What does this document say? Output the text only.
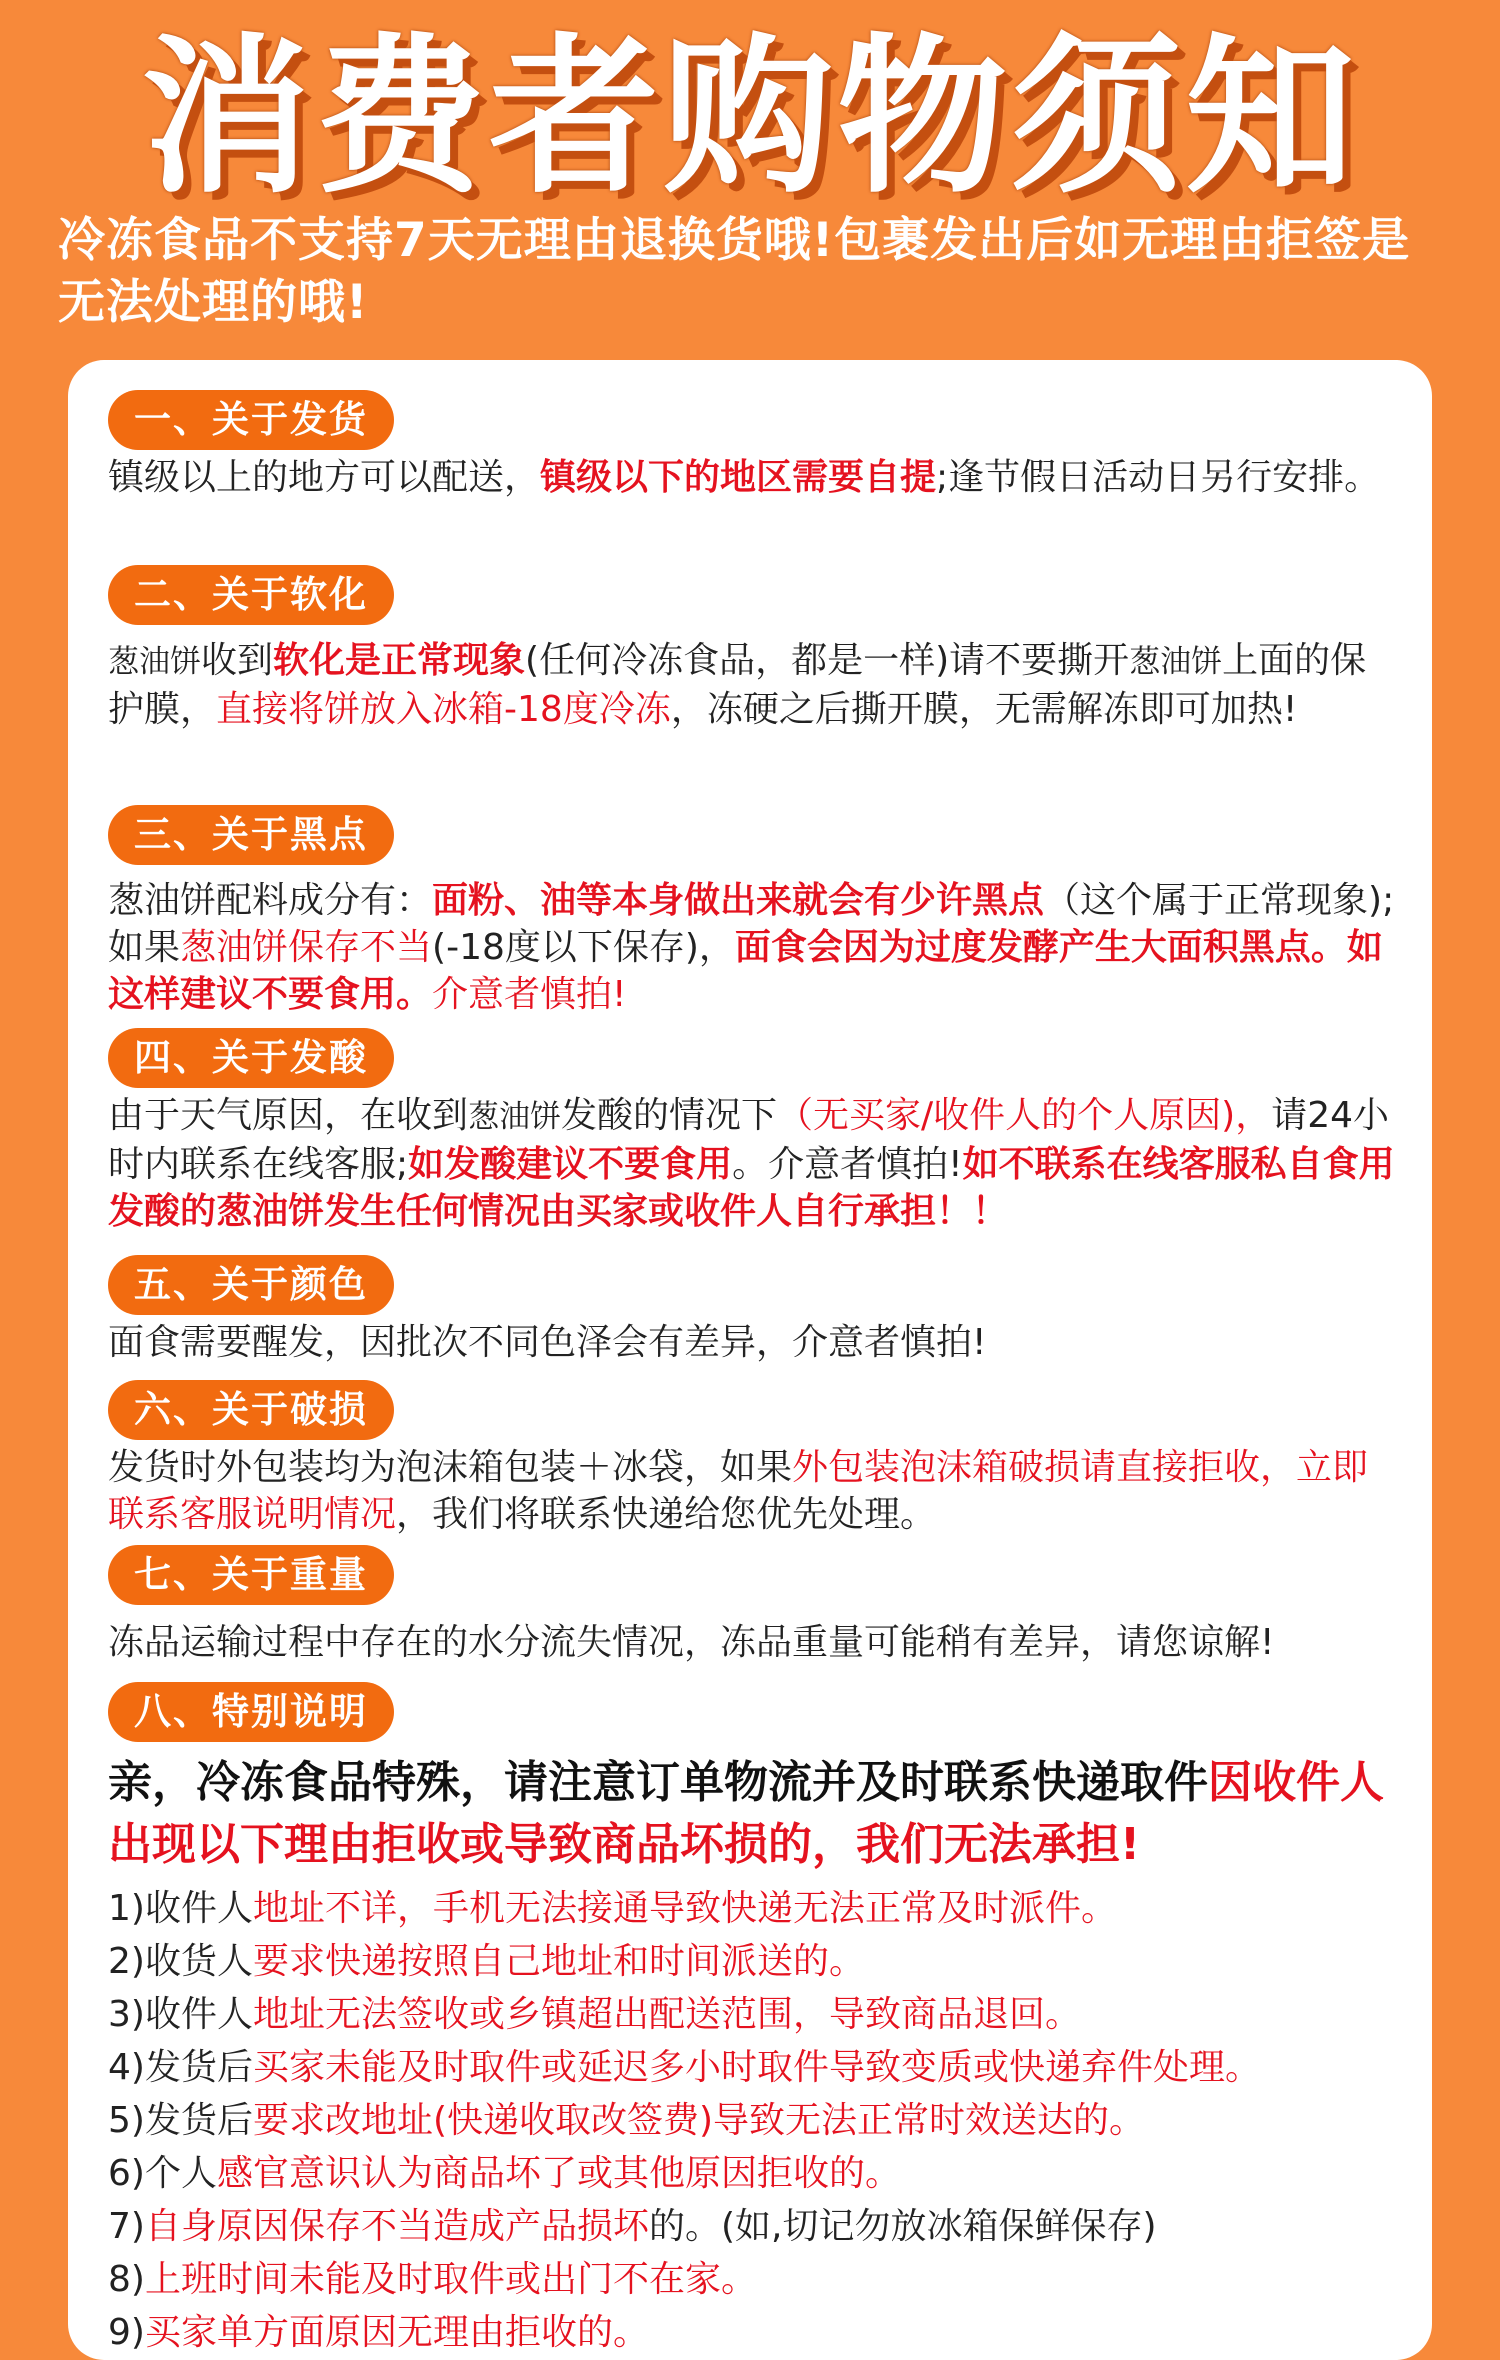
消费者购物须知
冷冻食品不支持7天无理由退换货哦!包裹发出后如无理由拒签是无法处理的哦!
一、关于发货
镇级以上的地方可以配送，镇级以下的地区需要自提;逢节假日活动日另行安排。
二、关于软化
葱油饼收到软化是正常现象(任何冷冻食品，都是一样)请不要撕开葱油饼上面的保护膜，直接将饼放入冰箱-18度冷冻，冻硬之后撕开膜，无需解冻即可加热!
三、关于黑点
葱油饼配料成分有：面粉、油等本身做出来就会有少许黑点（这个属于正常现象);如果葱油饼保存不当(-18度以下保存)，面食会因为过度发酵产生大面积黑点。如这样建议不要食用。介意者慎拍!
四、关于发酸
由于天气原因，在收到葱油饼发酸的情况下（无买家/收件人的个人原因)，请24小时内联系在线客服;如发酸建议不要食用。介意者慎拍!如不联系在线客服私自食用发酸的葱油饼发生任何情况由买家或收件人自行承担！！
五、关于颜色
面食需要醒发，因批次不同色泽会有差异，介意者慎拍!
六、关于破损
发货时外包装均为泡沫箱包装＋冰袋，如果外包装泡沫箱破损请直接拒收，立即联系客服说明情况，我们将联系快递给您优先处理。
七、关于重量
冻品运输过程中存在的水分流失情况，冻品重量可能稍有差异，请您谅解!
八、特别说明
亲，冷冻食品特殊，请注意订单物流并及时联系快递取件因收件人出现以下理由拒收或导致商品坏损的，我们无法承担!
1)收件人地址不详，手机无法接通导致快递无法正常及时派件。
2)收货人要求快递按照自己地址和时间派送的。
3)收件人地址无法签收或乡镇超出配送范围，导致商品退回。
4)发货后买家未能及时取件或延迟多小时取件导致变质或快递弃件处理。
5)发货后要求改地址(快递收取改签费)导致无法正常时效送达的。
6)个人感官意识认为商品坏了或其他原因拒收的。
7)自身原因保存不当造成产品损坏的。(如,切记勿放冰箱保鲜保存)
8)上班时间未能及时取件或出门不在家。
9)买家单方面原因无理由拒收的。
